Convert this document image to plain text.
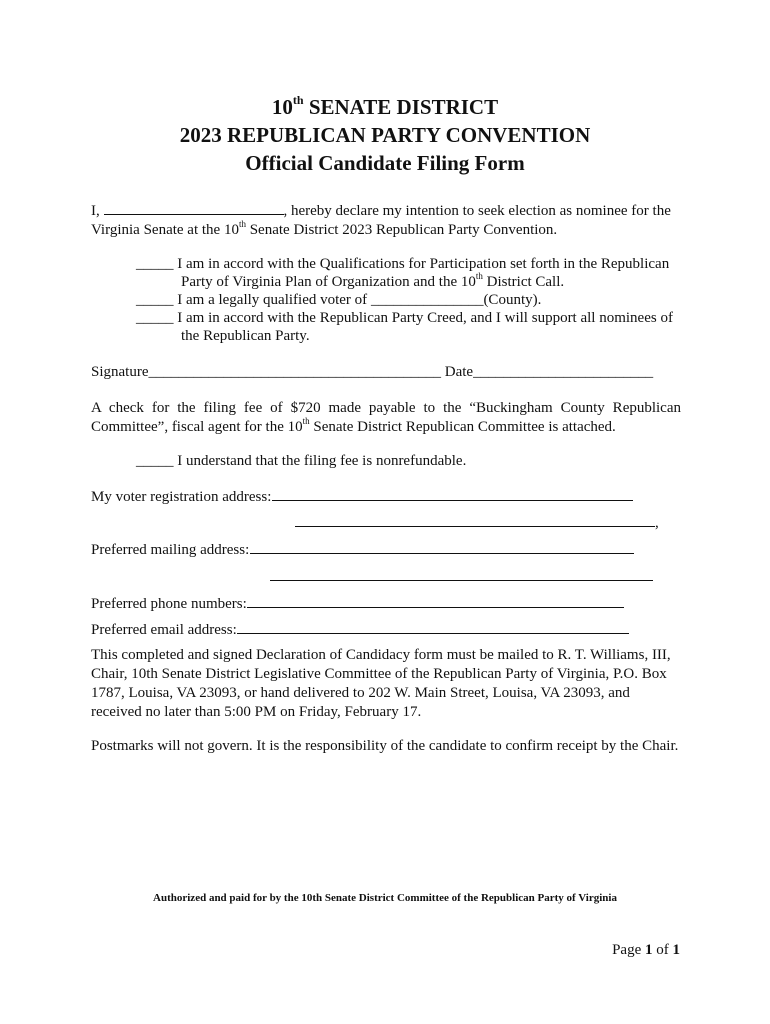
10th SENATE DISTRICT
2023 REPUBLICAN PARTY CONVENTION
Official Candidate Filing Form
I,	, hereby declare my intention to seek election as nominee for the Virginia Senate at the 10th Senate District 2023 Republican Party Convention.
_____ I am in accord with the Qualifications for Participation set forth in the Republican
Party of Virginia Plan of Organization and the 10th District Call.
_____ I am a legally qualified voter of _______________(County).
_____ I am in accord with the Republican Party Creed, and I will support all nominees of
the Republican Party.
Signature_______________________________________ Date________________________
A check for the filing fee of $720 made payable to the “Buckingham County Republican Committee”, fiscal agent for the 10th Senate District Republican Committee is attached.
_____ I understand that the filing fee is nonrefundable.
My voter registration address:
,
Preferred mailing address:
Preferred phone numbers:
Preferred email address:
This completed and signed Declaration of Candidacy form must be mailed to R. T. Williams, III, Chair, 10th Senate District Legislative Committee of the Republican Party of Virginia, P.O. Box 1787, Louisa, VA 23093, or hand delivered to 202 W. Main Street, Louisa, VA 23093, and received no later than 5:00 PM on Friday, February 17.
Postmarks will not govern. It is the responsibility of the candidate to confirm receipt by the Chair.
Authorized and paid for by the 10th Senate District Committee of the Republican Party of Virginia
Page 1 of 1
